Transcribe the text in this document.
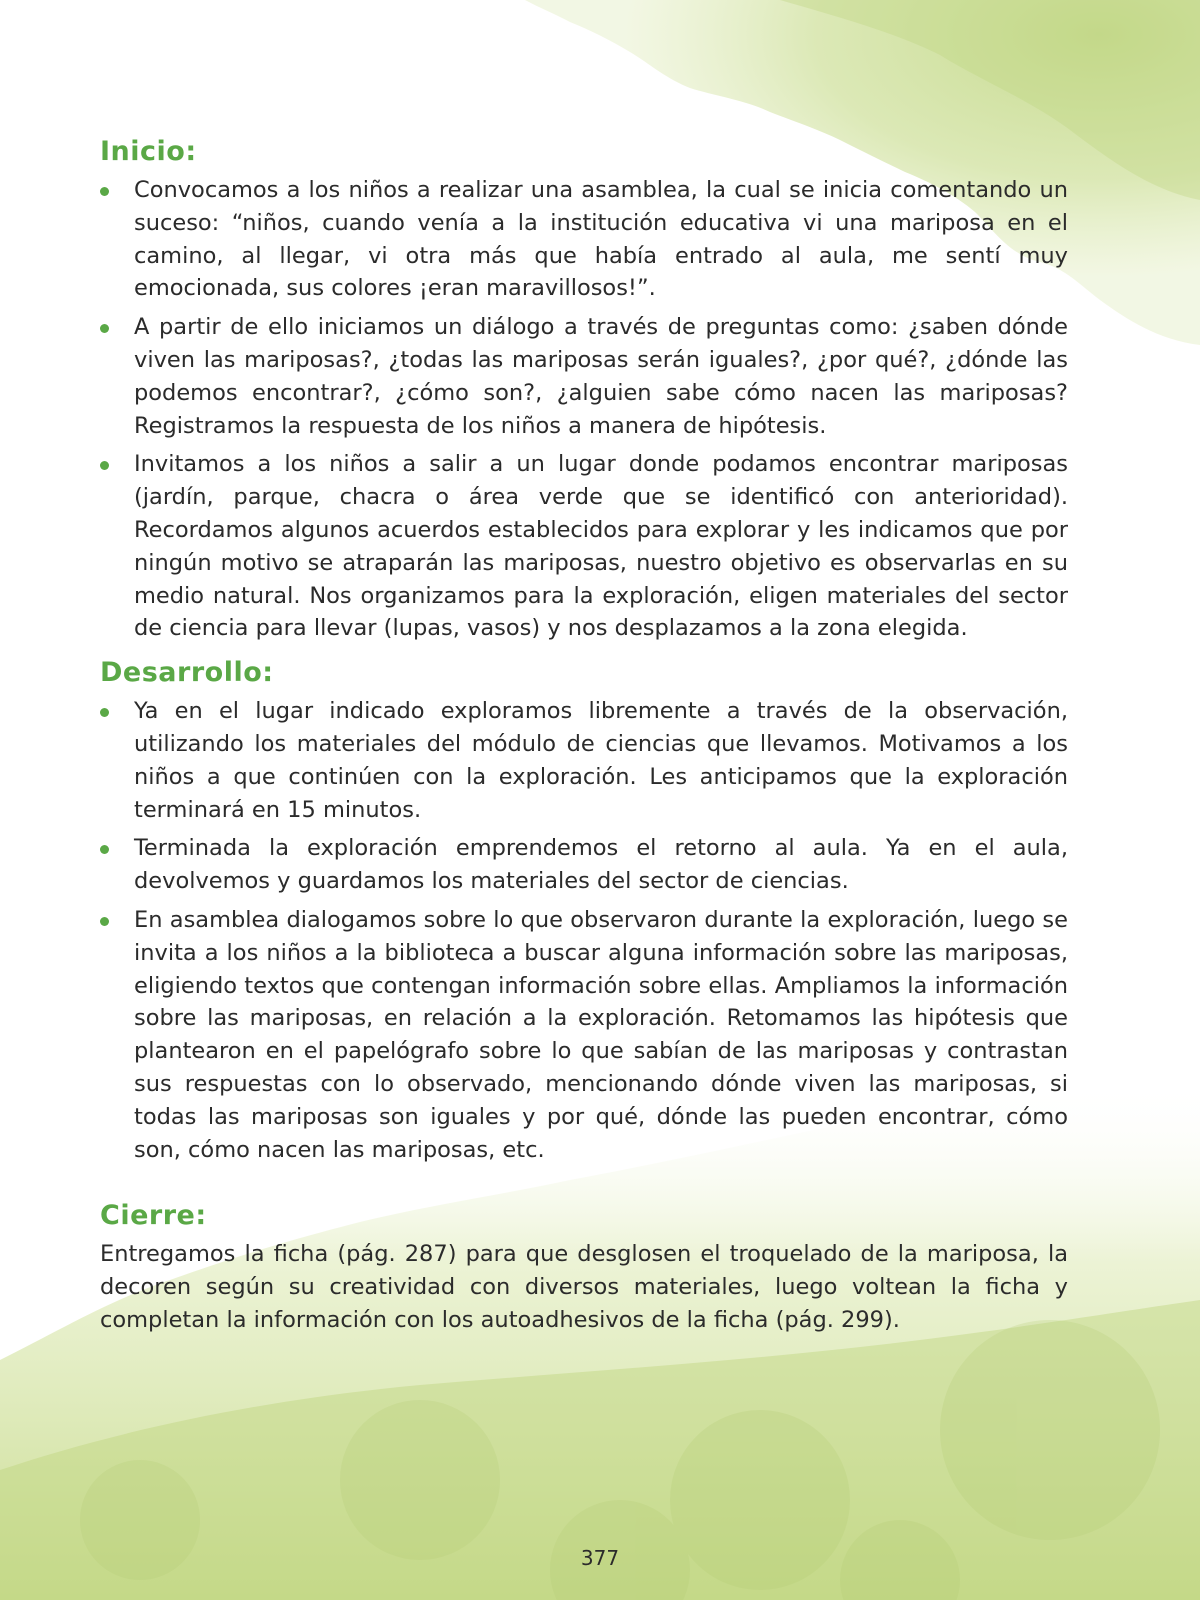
Inicio:
Convocamos a los niños a realizar una asamblea, la cual se inicia comentando un suceso: “niños, cuando venía a la institución educativa vi una mariposa en el camino, al llegar, vi otra más que había entrado al aula, me sentí muy emocionada, sus colores ¡eran maravillosos!”.
A partir de ello iniciamos un diálogo a través de preguntas como: ¿saben dónde viven las mariposas?, ¿todas las mariposas serán iguales?, ¿por qué?, ¿dónde las podemos encontrar?, ¿cómo son?, ¿alguien sabe cómo nacen las mariposas? Registramos la respuesta de los niños a manera de hipótesis.
Invitamos a los niños a salir a un lugar donde podamos encontrar mariposas (jardín, parque, chacra o área verde que se identificó con anterioridad). Recordamos algunos acuerdos establecidos para explorar y les indicamos que por ningún motivo se atraparán las mariposas, nuestro objetivo es observarlas en su medio natural. Nos organizamos para la exploración, eligen materiales del sector de ciencia para llevar (lupas, vasos) y nos desplazamos a la zona elegida.
Desarrollo:
Ya en el lugar indicado exploramos libremente a través de la observación, utilizando los materiales del módulo de ciencias que llevamos. Motivamos a los niños a que continúen con la exploración. Les anticipamos que la exploración terminará en 15 minutos.
Terminada la exploración emprendemos el retorno al aula. Ya en el aula, devolvemos y guardamos los materiales del sector de ciencias.
En asamblea dialogamos sobre lo que observaron durante la exploración, luego se invita a los niños a la biblioteca a buscar alguna información sobre las mariposas, eligiendo textos que contengan información sobre ellas. Ampliamos la información sobre las mariposas, en relación a la exploración. Retomamos las hipótesis que plantearon en el papelógrafo sobre lo que sabían de las mariposas y contrastan sus respuestas con lo observado, mencionando dónde viven las mariposas, si todas las mariposas son iguales y por qué, dónde las pueden encontrar, cómo son, cómo nacen las mariposas, etc.
Cierre:

Entregamos la ficha (pág. 287) para que desglosen el troquelado de la mariposa, la decoren según su creatividad con diversos materiales, luego voltean la ficha y completan la información con los autoadhesivos de la ficha (pág. 299).

377
